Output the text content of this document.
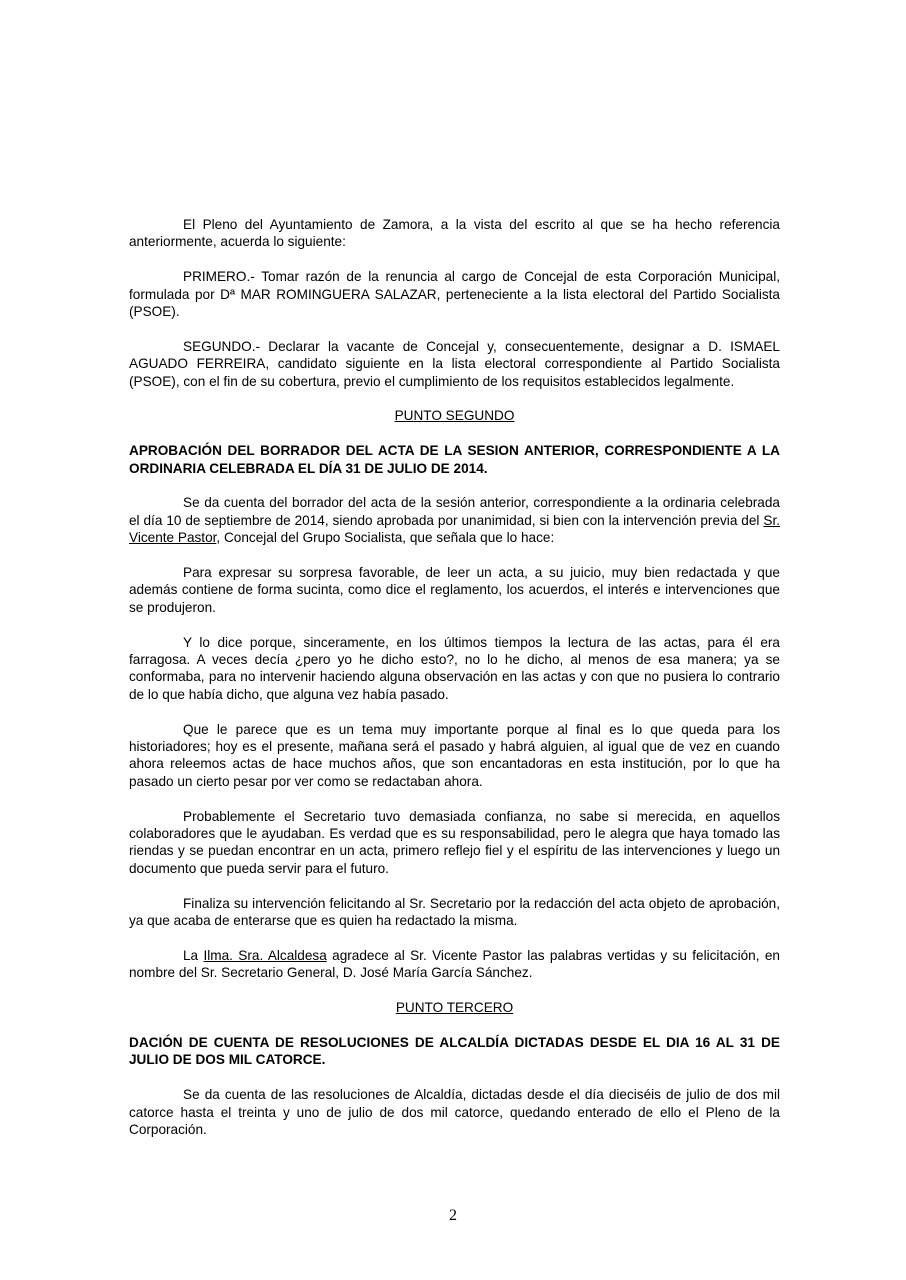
El Pleno del Ayuntamiento de Zamora, a la vista del escrito al que se ha hecho referencia anteriormente, acuerda lo siguiente:

PRIMERO.- Tomar razón de la renuncia al cargo de Concejal de esta Corporación Municipal, formulada por Dª MAR ROMINGUERA SALAZAR, perteneciente a la lista electoral del Partido Socialista (PSOE).

SEGUNDO.- Declarar la vacante de Concejal y, consecuentemente, designar a D. ISMAEL AGUADO FERREIRA, candidato siguiente en la lista electoral correspondiente al Partido Socialista (PSOE), con el fin de su cobertura, previo el cumplimiento de los requisitos establecidos legalmente.

PUNTO SEGUNDO

APROBACIÓN DEL BORRADOR DEL ACTA DE LA SESION ANTERIOR, CORRESPONDIENTE A LA ORDINARIA CELEBRADA EL DÍA 31 DE JULIO DE 2014.

Se da cuenta del borrador del acta de la sesión anterior, correspondiente a la ordinaria celebrada el día 10 de septiembre de 2014, siendo aprobada por unanimidad, si bien con la intervención previa del Sr. Vicente Pastor, Concejal del Grupo Socialista, que señala que lo hace:

Para expresar su sorpresa favorable, de leer un acta, a su juicio, muy bien redactada y que además contiene de forma sucinta, como dice el reglamento, los acuerdos, el interés e intervenciones que se produjeron.

Y lo dice porque, sinceramente, en los últimos tiempos la lectura de las actas, para él era farragosa. A veces decía ¿pero yo he dicho esto?, no lo he dicho, al menos de esa manera; ya se conformaba, para no intervenir haciendo alguna observación en las actas y con que no pusiera lo contrario de lo que había dicho, que alguna vez había pasado.

Que le parece que es un tema muy importante porque al final es lo que queda para los historiadores; hoy es el presente, mañana será el pasado y habrá alguien, al igual que de vez en cuando ahora releemos actas de hace muchos años, que son encantadoras en esta institución, por lo que ha pasado un cierto pesar por ver como se redactaban ahora.

Probablemente el Secretario tuvo demasiada confianza, no sabe si merecida, en aquellos colaboradores que le ayudaban. Es verdad que es su responsabilidad, pero le alegra que haya tomado las riendas y se puedan encontrar en un acta, primero reflejo fiel y el espíritu de las intervenciones y luego un documento que pueda servir para el futuro.

Finaliza su intervención felicitando al Sr. Secretario por la redacción del acta objeto de aprobación, ya que acaba de enterarse que es quien ha redactado la misma.

La Ilma. Sra. Alcaldesa agradece al Sr. Vicente Pastor las palabras vertidas y su felicitación, en nombre del Sr. Secretario General, D. José María García Sánchez.

PUNTO TERCERO

DACIÓN DE CUENTA DE RESOLUCIONES DE ALCALDÍA DICTADAS DESDE EL DIA 16 AL 31 DE JULIO DE DOS MIL CATORCE.

Se da cuenta de las resoluciones de Alcaldía, dictadas desde el día dieciséis de julio de dos mil catorce hasta el treinta y uno de julio de dos mil catorce, quedando enterado de ello el Pleno de la Corporación.

2
